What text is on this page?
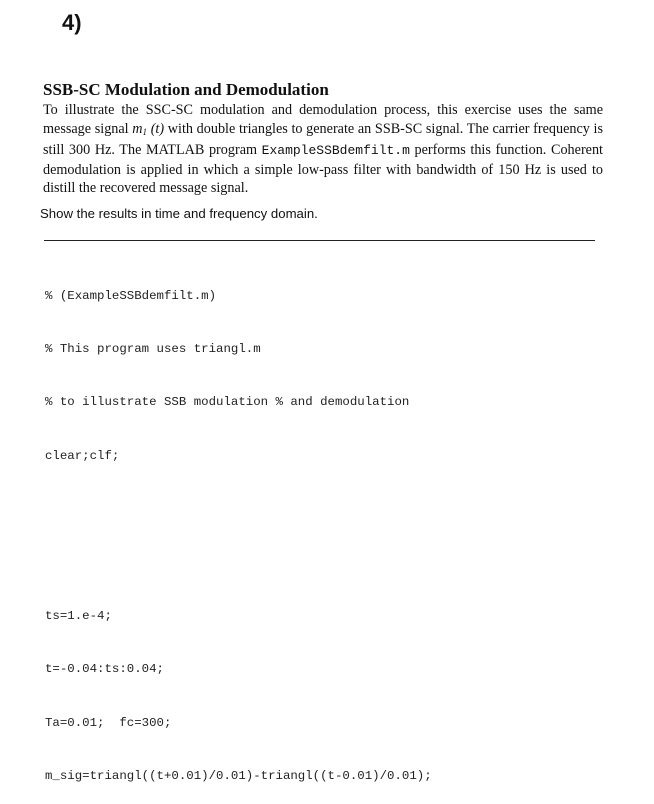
4)
SSB-SC Modulation and Demodulation
To illustrate the SSC-SC modulation and demodulation process, this exercise uses the same message signal $m_1$ (t) with double triangles to generate an SSB-SC signal. The carrier frequency is still 300 Hz. The MATLAB program ExampleSSBdemfilt.m performs this function. Coherent demodulation is applied in which a simple low-pass filter with bandwidth of 150 Hz is used to distill the recovered message signal.
Show the results in time and frequency domain.

% (ExampleSSBdemfilt.m)

% This program uses triangl.m

% to illustrate SSB modulation % and demodulation

clear;clf;

ts=1.e-4;

t=-0.04:ts:0.04;

Ta=0.01;  fc=300;

m_sig=triangl((t+0.01)/0.01)-triangl((t-0.01)/0.01);
